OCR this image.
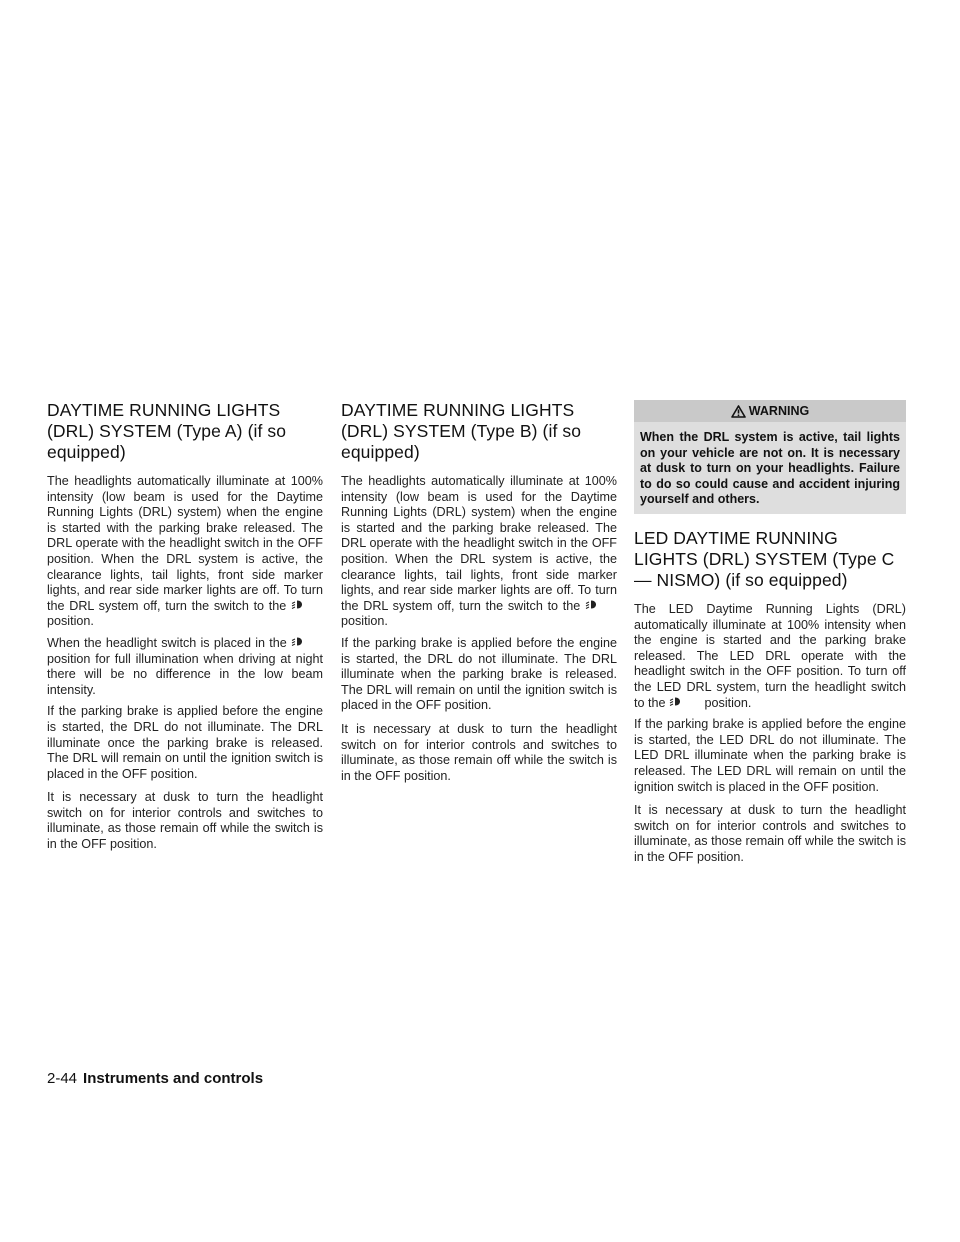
DAYTIME RUNNING LIGHTS (DRL) SYSTEM (Type A) (if so equipped)

The headlights automatically illuminate at 100% intensity (low beam is used for the Daytime Running Lights (DRL) system) when the engine is started with the parking brake released. The DRL operate with the headlight switch in the OFF position. When the DRL system is active, the clearance lights, tail lights, front side marker lights, and rear side marker lights are off. To turn the DRL system off, turn the switch to the  position.

When the headlight switch is placed in the  position for full illumination when driving at night there will be no difference in the low beam intensity.

If the parking brake is applied before the engine is started, the DRL do not illuminate. The DRL illuminate once the parking brake is released. The DRL will remain on until the ignition switch is placed in the OFF position.

It is necessary at dusk to turn the headlight switch on for interior controls and switches to illuminate, as those remain off while the switch is in the OFF position.

DAYTIME RUNNING LIGHTS (DRL) SYSTEM (Type B) (if so equipped)

The headlights automatically illuminate at 100% intensity (low beam is used for the Daytime Running Lights (DRL) system) when the engine is started and the parking brake released. The DRL operate with the headlight switch in the OFF position. When the DRL system is active, the clearance lights, tail lights, front side marker lights, and rear side marker lights are off. To turn the DRL system off, turn the switch to the  position.

If the parking brake is applied before the engine is started, the DRL do not illuminate. The DRL illuminate when the parking brake is released. The DRL will remain on until the ignition switch is placed in the OFF position.

It is necessary at dusk to turn the headlight switch on for interior controls and switches to illuminate, as those remain off while the switch is in the OFF position.

WARNING

When the DRL system is active, tail lights on your vehicle are not on. It is necessary at dusk to turn on your headlights. Failure to do so could cause and accident injuring yourself and others.

LED DAYTIME RUNNING LIGHTS (DRL) SYSTEM (Type C — NISMO) (if so equipped)

The LED Daytime Running Lights (DRL) automatically illuminate at 100% intensity when the engine is started and the parking brake released. The LED DRL operate with the headlight switch in the OFF position. To turn off the LED DRL system, turn the headlight switch to the	position.

If the parking brake is applied before the engine is started, the LED DRL do not illuminate. The LED DRL illuminate when the parking brake is released. The LED DRL will remain on until the ignition switch is placed in the OFF position.

It is necessary at dusk to turn the headlight switch on for interior controls and switches to illuminate, as those remain off while the switch is in the OFF position.

2-44 Instruments and controls
